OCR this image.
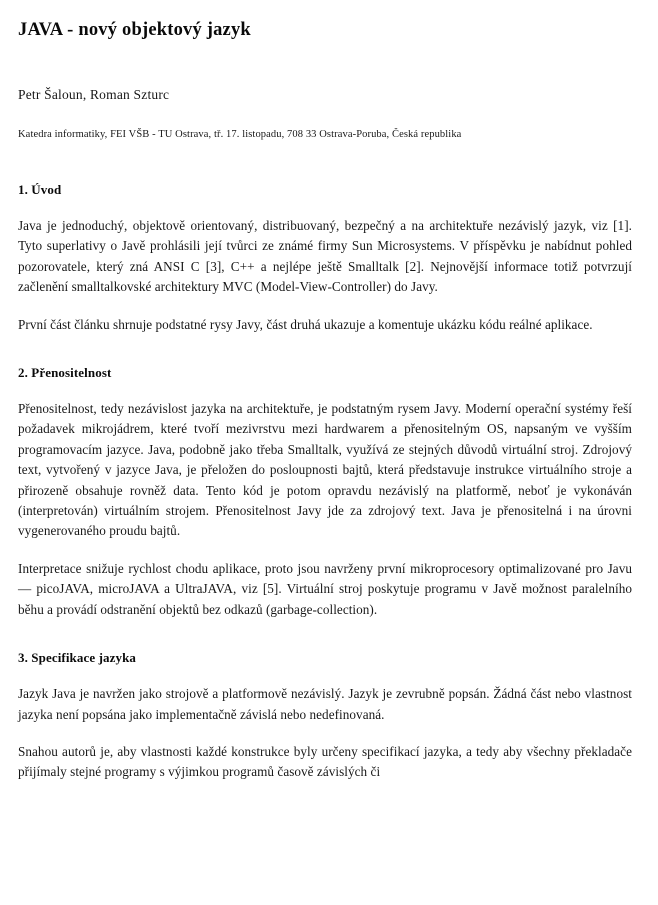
JAVA - nový objektový jazyk
Petr Šaloun, Roman Szturc
Katedra informatiky, FEI VŠB - TU Ostrava, tř. 17. listopadu, 708 33 Ostrava-Poruba, Česká republika
1. Úvod

Java je jednoduchý, objektově orientovaný, distribuovaný, bezpečný a na architektuře nezávislý jazyk, viz [1]. Tyto superlativy o Javě prohlásili její tvůrci ze známé firmy Sun Microsystems. V příspěvku je nabídnut pohled pozorovatele, který zná ANSI C [3], C++ a nejlépe ještě Smalltalk [2]. Nejnovější informace totiž potvrzují začlenění smalltalkovské architektury MVC (Model-View-Controller) do Javy.

První část článku shrnuje podstatné rysy Javy, část druhá ukazuje a komentuje ukázku kódu reálné aplikace.

2. Přenositelnost

Přenositelnost, tedy nezávislost jazyka na architektuře, je podstatným rysem Javy. Moderní operační systémy řeší požadavek mikrojádrem, které tvoří mezivrstvu mezi hardwarem a přenositelným OS, napsaným ve vyšším programovacím jazyce. Java, podobně jako třeba Smalltalk, využívá ze stejných důvodů virtuální stroj. Zdrojový text, vytvořený v jazyce Java, je přeložen do posloupnosti bajtů, která představuje instrukce virtuálního stroje a přirozeně obsahuje rovněž data. Tento kód je potom opravdu nezávislý na platformě, neboť je vykonáván (interpretován) virtuálním strojem. Přenositelnost Javy jde za zdrojový text. Java je přenositelná i na úrovni vygenerovaného proudu bajtů.

Interpretace snižuje rychlost chodu aplikace, proto jsou navrženy první mikroprocesory optimalizované pro Javu — picoJAVA, microJAVA a UltraJAVA, viz [5]. Virtuální stroj poskytuje programu v Javě možnost paralelního běhu a provádí odstranění objektů bez odkazů (garbage-collection).

3. Specifikace jazyka

Jazyk Java je navržen jako strojově a platformově nezávislý. Jazyk je zevrubně popsán. Žádná část nebo vlastnost jazyka není popsána jako implementačně závislá nebo nedefinovaná.

Snahou autorů je, aby vlastnosti každé konstrukce byly určeny specifikací jazyka, a tedy aby všechny překladače přijímaly stejné programy s výjimkou programů časově závislých či
